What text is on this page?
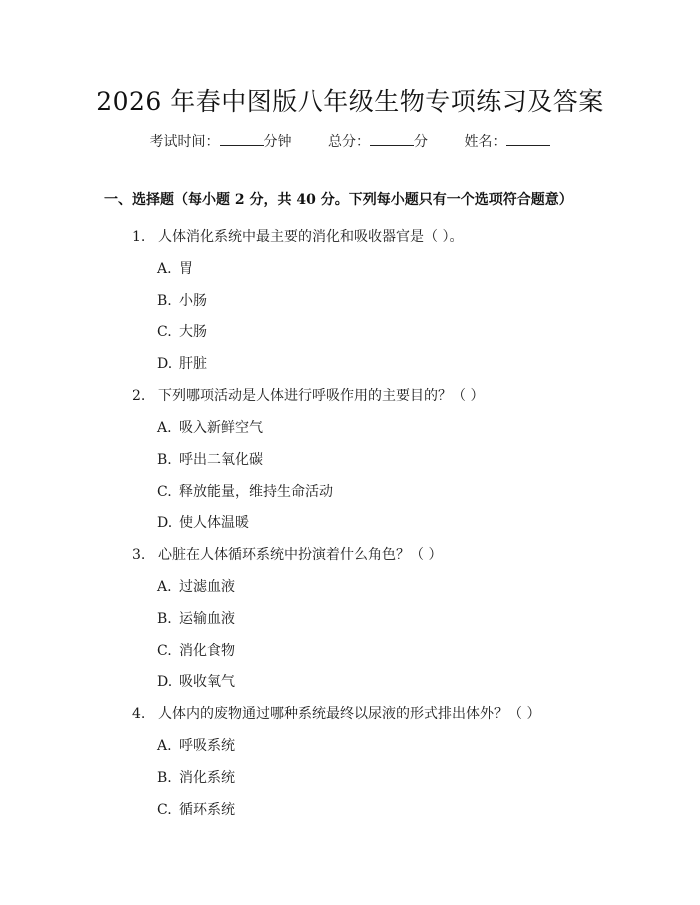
2026 年春中图版八年级生物专项练习及答案
考试时间：	分钟	总分：	分	姓名：
一、选择题（每小题 2 分，共 40 分。下列每小题只有一个选项符合题意）
1. 人体消化系统中最主要的消化和吸收器官是（ ）。
A. 胃
B. 小肠
C. 大肠
D. 肝脏
2. 下列哪项活动是人体进行呼吸作用的主要目的？（ ）
A. 吸入新鲜空气
B. 呼出二氧化碳
C. 释放能量，维持生命活动
D. 使人体温暖
3. 心脏在人体循环系统中扮演着什么角色？（ ）
A. 过滤血液
B. 运输血液
C. 消化食物
D. 吸收氧气
4. 人体内的废物通过哪种系统最终以尿液的形式排出体外？（ ）
A. 呼吸系统
B. 消化系统
C. 循环系统
